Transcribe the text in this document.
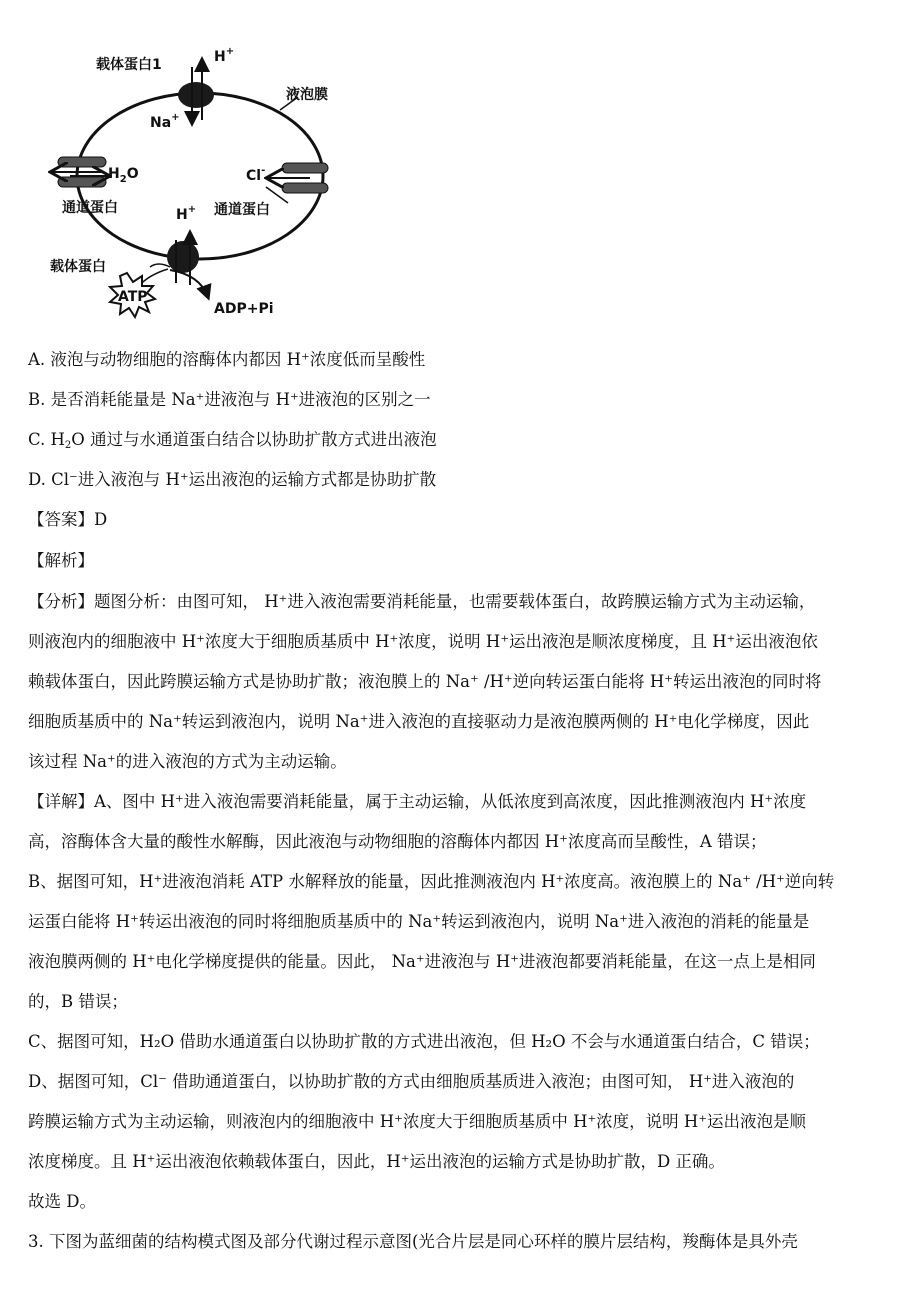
载体蛋白1	H+
Na+
液泡膜
$H_2O$	Cl-
通道蛋白	通道蛋白
H+
载体蛋白
ATP
ADP+Pi
A. 液泡与动物细胞的溶酶体内都因 H⁺浓度低而呈酸性
B. 是否消耗能量是 Na⁺进液泡与 H⁺进液泡的区别之一
C. $H_2O$ 通过与水通道蛋白结合以协助扩散方式进出液泡
D. Cl⁻进入液泡与 H⁺运出液泡的运输方式都是协助扩散
【答案】D
【解析】
【分析】题图分析：由图可知， H⁺进入液泡需要消耗能量，也需要载体蛋白，故跨膜运输方式为主动运输，
则液泡内的细胞液中 H⁺浓度大于细胞质基质中 H⁺浓度，说明 H⁺运出液泡是顺浓度梯度，且 H⁺运出液泡依
赖载体蛋白，因此跨膜运输方式是协助扩散；液泡膜上的 Na⁺ /H⁺逆向转运蛋白能将 H⁺转运出液泡的同时将
细胞质基质中的 Na⁺转运到液泡内，说明 Na⁺进入液泡的直接驱动力是液泡膜两侧的 H⁺电化学梯度，因此
该过程 Na⁺的进入液泡的方式为主动运输。
【详解】A、图中 H⁺进入液泡需要消耗能量，属于主动运输，从低浓度到高浓度，因此推测液泡内 H⁺浓度
高，溶酶体含大量的酸性水解酶，因此液泡与动物细胞的溶酶体内都因 H⁺浓度高而呈酸性，A 错误；
B、据图可知，H⁺进液泡消耗 ATP 水解释放的能量，因此推测液泡内 H⁺浓度高。液泡膜上的 Na⁺ /H⁺逆向转
运蛋白能将 H⁺转运出液泡的同时将细胞质基质中的 Na⁺转运到液泡内，说明 Na⁺进入液泡的消耗的能量是
液泡膜两侧的 H⁺电化学梯度提供的能量。因此， Na⁺进液泡与 H⁺进液泡都要消耗能量，在这一点上是相同
的，B 错误；
C、据图可知，H₂O 借助水通道蛋白以协助扩散的方式进出液泡，但 H₂O 不会与水通道蛋白结合，C 错误；
D、据图可知，Cl⁻ 借助通道蛋白，以协助扩散的方式由细胞质基质进入液泡；由图可知， H⁺进入液泡的
跨膜运输方式为主动运输，则液泡内的细胞液中 H⁺浓度大于细胞质基质中 H⁺浓度，说明 H⁺运出液泡是顺
浓度梯度。且 H⁺运出液泡依赖载体蛋白，因此，H⁺运出液泡的运输方式是协助扩散，D 正确。
故选 D。
3. 下图为蓝细菌的结构模式图及部分代谢过程示意图(光合片层是同心环样的膜片层结构，羧酶体是具外壳
